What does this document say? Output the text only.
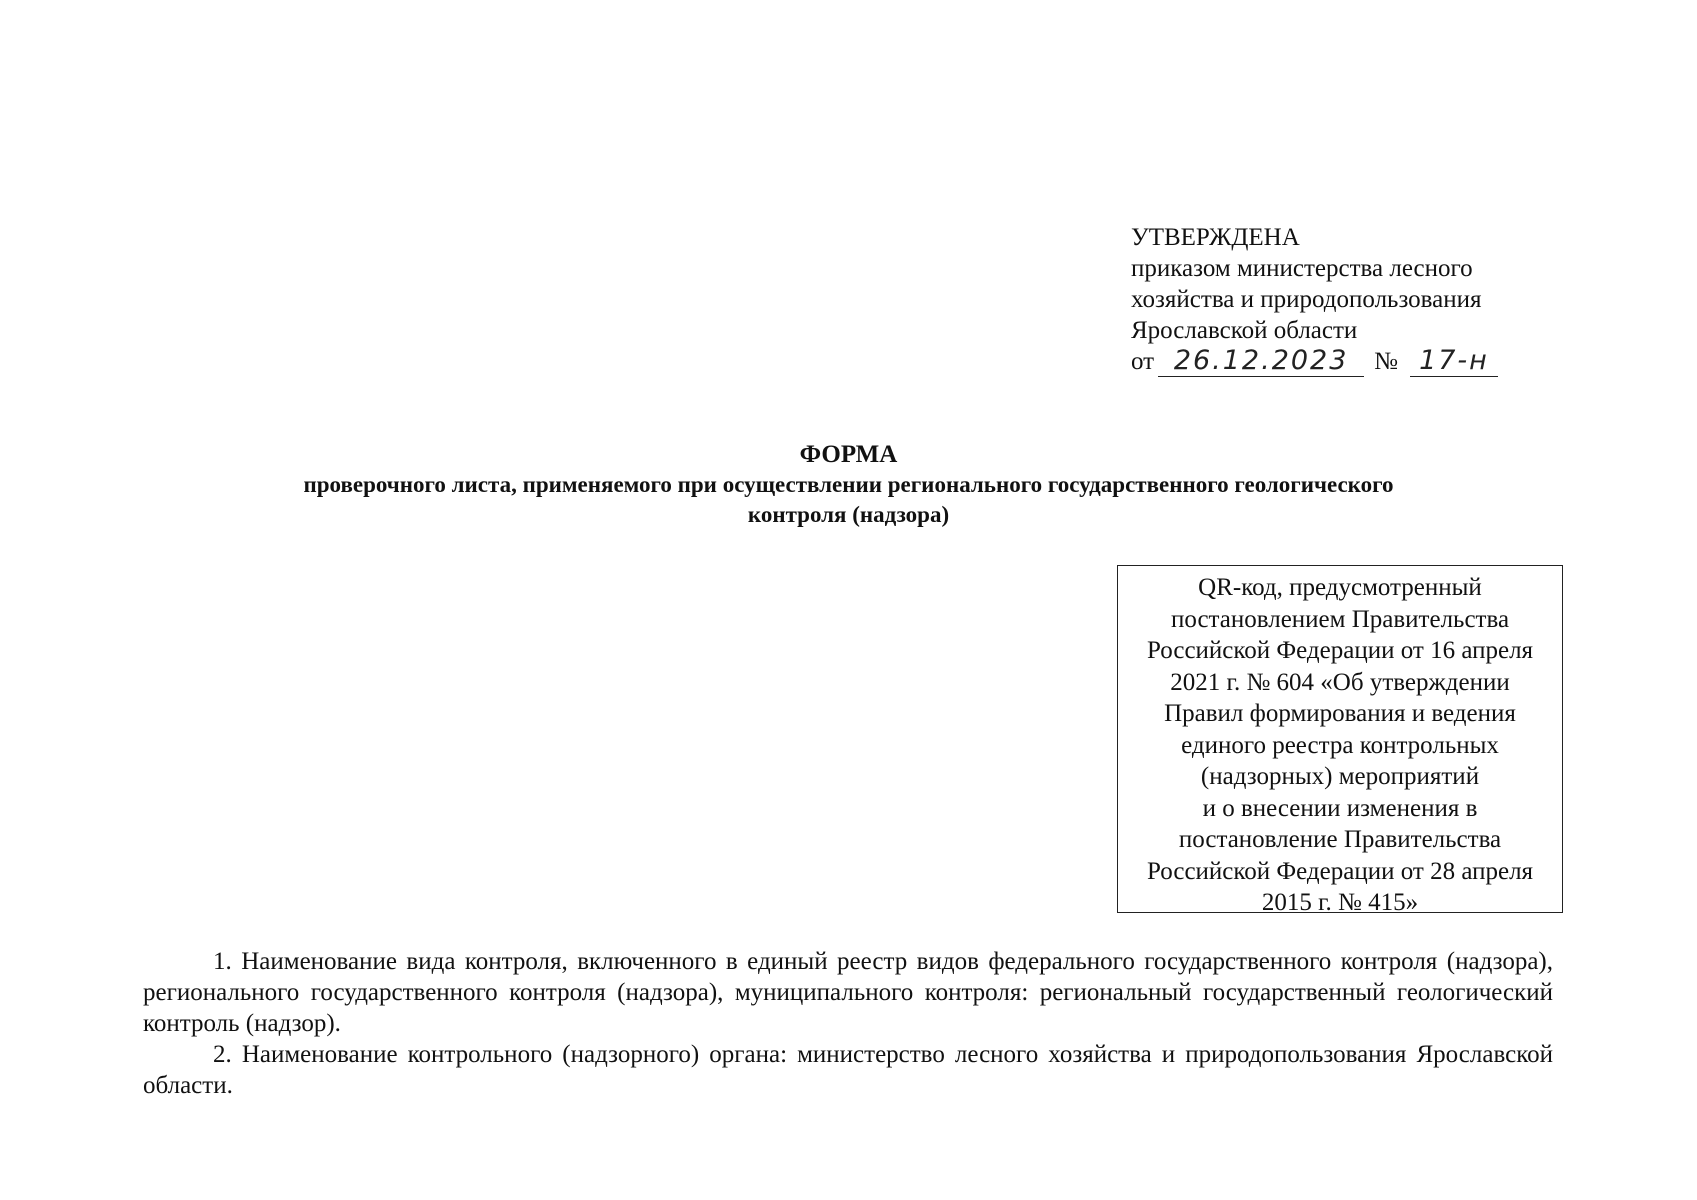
УТВЕРЖДЕНА
приказом министерства лесного
хозяйства и природопользования
Ярославской области
от 26.12.2023	№ 17-н
ФОРМА
проверочного листа, применяемого при осуществлении регионального государственного геологического
контроля (надзора)
QR-код, предусмотренный
постановлением Правительства
Российской Федерации от 16 апреля
2021 г. № 604 «Об утверждении
Правил формирования и ведения
единого реестра контрольных
(надзорных) мероприятий
и о внесении изменения в
постановление Правительства
Российской Федерации от 28 апреля
2015 г. № 415»

1. Наименование вида контроля, включенного в единый реестр видов федерального государственного контроля (надзора), регионального государственного контроля (надзора), муниципального контроля: региональный государственный геологический контроль (надзор).

2. Наименование контрольного (надзорного) органа: министерство лесного хозяйства и природопользования Ярославской области.
